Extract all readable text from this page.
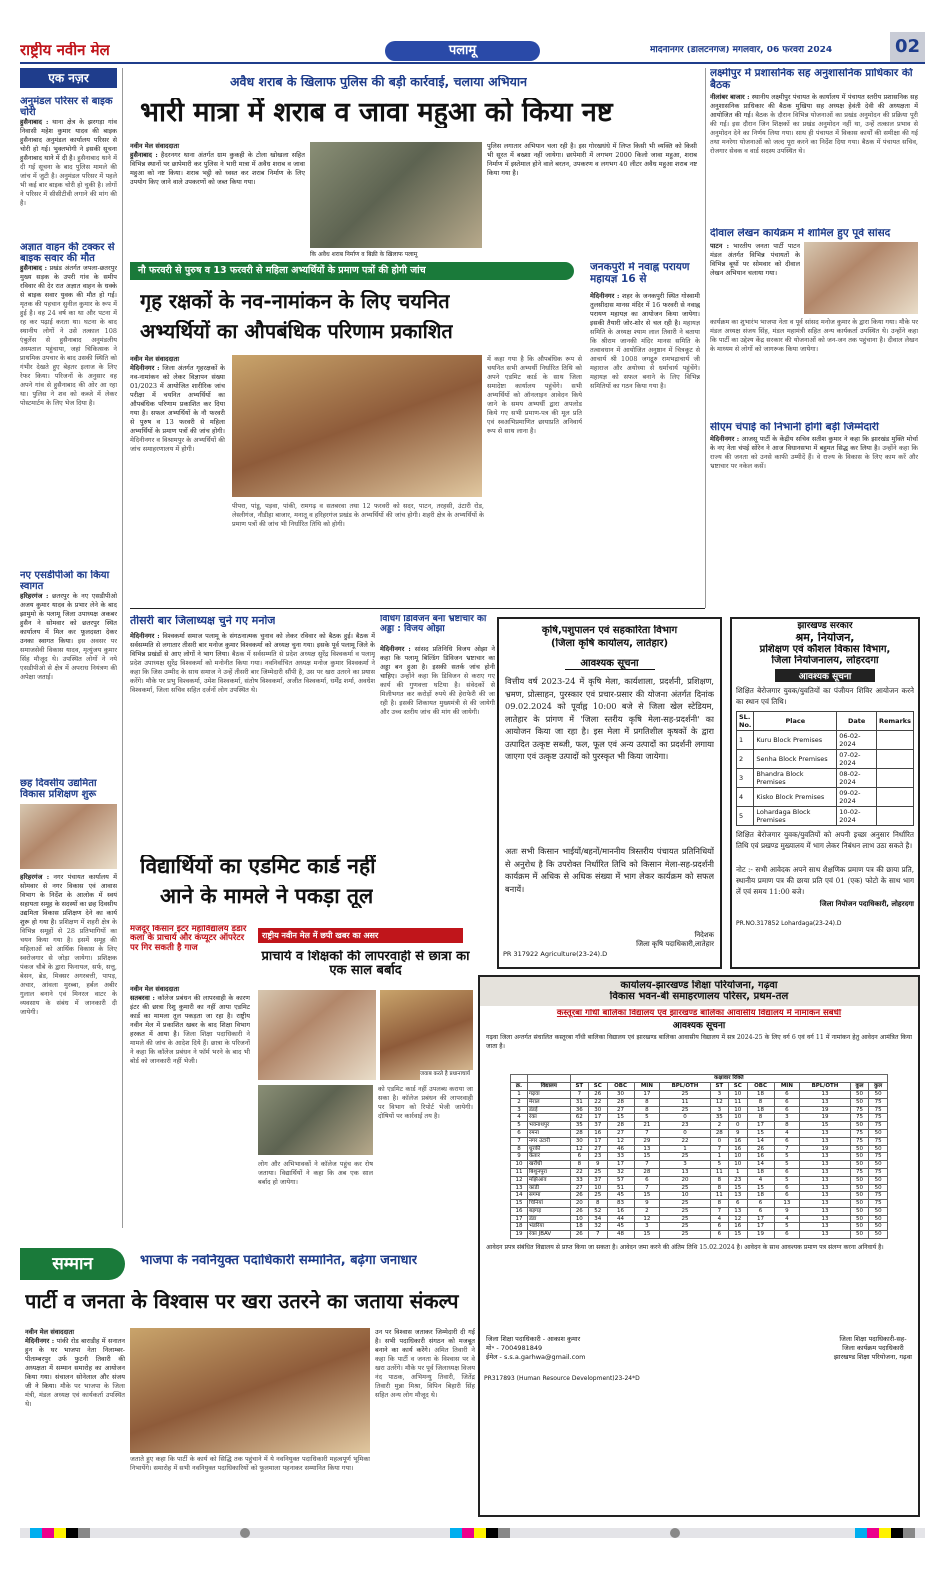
राष्ट्रीय नवीन मेल	पलामू	मेदिनीनगर (डालटनगंज) मंगलवार, 06 फरवरी 2024	02
एक नज़र
अनुमंडल परिसर से बाइक चोरी
हुसैनाबाद : थाना क्षेत्र के झरगड़ा गांव निवासी महेश कुमार यादव की बाइक हुसैनाबाद अनुमंडल कार्यालय परिसर से चोरी हो गई। भुक्तभोगी ने इसकी सूचना हुसैनाबाद थाने में दी है। हुसैनाबाद थाने में दी गई सूचना के बाद पुलिस मामले की जांच में जुटी है। अनुमंडल परिसर में पहले भी कई बार बाइक चोरी हो चुकी है। लोगों ने परिसर में सीसीटीवी लगाने की मांग की है।
अज्ञात वाहन की टक्कर से बाइक सवार की मौत
हुसैनाबाद : प्रखंड अंतर्गत जपला-छतरपुर मुख्य सड़क के उपरी गांव के समीप रविवार की देर रात अज्ञात वाहन के धक्के से बाइक सवार युवक की मौत हो गई। मृतक की पहचान सुनील कुमार के रूप में हुई है। वह 24 वर्ष का था और पटना में रह कर पढ़ाई करता था। घटना के बाद स्थानीय लोगों ने उसे तत्काल 108 एंबुलेंस से हुसैनाबाद अनुमंडलीय अस्पताल पहुंचाया, जहां चिकित्सक ने प्राथमिक उपचार के बाद उसकी स्थिति को गंभीर देखते हुए बेहतर इलाज के लिए रेफर किया। परिजनों के अनुसार वह अपने गांव से हुसैनाबाद की ओर आ रहा था। पुलिस ने शव को कब्जे में लेकर पोस्टमार्टम के लिए भेज दिया है।
नए एसडीपीओ का किया स्वागत
हरिहरगंज : छतरपुर के नए एसडीपीओ अजय कुमार यादव के प्रभार लेने के बाद झामुमो के पलामू जिला उपाध्यक्ष अकबर हुसैन ने सोमवार को छतरपुर स्थित कार्यालय में मिल कर फूलदस्ता देकर उनका स्वागत किया। इस अवसर पर समाजसेवी विकास यादव, मृत्युंजय कुमार सिंह मौजूद थे। उपस्थित लोगों ने नये एसडीपीओ से क्षेत्र में अपराध नियंत्रण की अपेक्षा जताई।
छह दिवसीय उद्यमिता विकास प्रशिक्षण शुरू
हरिहरगंज : नगर पंचायत कार्यालय में सोमवार से नगर विकास एवं आवास विभाग के निर्देश के आलोक में स्वयं सहायता समूह के सदस्यों का छह दिवसीय उद्यमिता विकास प्रशिक्षण देने का कार्य शुरू हो गया है। प्रशिक्षण में शहरी क्षेत्र के विभिन्न समूहों से 28 प्रतिभागियों का चयन किया गया है। इसमें समूह की महिलाओं को आर्थिक विकास के लिए स्वरोजगार से जोड़ा जायेगा। प्रशिक्षक पंकज चौबे के द्वारा फिनायल, सर्फ, सत्तु, बेसन, ब्रेड, मिक्सर अगरबत्ती, पापड़, अचार, आंवला मुरब्बा, हर्बल अबीर गुलाल बनाने एवं मिनरल वाटर के व्यवसाय के संबंध में जानकारी दी जायेगी।
अवैध शराब के खिलाफ पुलिस की बड़ी कार्रवाई, चलाया अभियान
भारी मात्रा में शराब व जावा महुआ को किया नष्ट
नवीन मेल संवाददाता
हुसैनाबाद : हैदरनगर थाना अंतर्गत ग्राम कुकही के टोला खोखला सहित विभिन्न स्थानों पर छापेमारी कर पुलिस ने भारी मात्रा में अवैध शराब व जावा महुआ को नष्ट किया। शराब भट्ठी को ध्वस्त कर शराब निर्माण के लिए उपयोग किए जाने वाले उपकरणों को जब्त किया गया।
कि अवैध शराब निर्माण व बिक्री के खिलाफ पलामू
पुलिस लगातार अभियान चला रही है। इस गोरखधंधे में लिप्त किसी भी व्यक्ति को किसी भी सूरत में बख्शा नहीं जायेगा। छापेमारी में लगभग 2000 किलो जावा महुआ, शराब निर्माण में इस्तेमाल होने वाले बरतन, उपकरण व लगभग 40 लीटर अवैध महुआ शराब नष्ट किया गया है।
नौ फरवरी से पुरुष व 13 फरवरी से महिला अभ्यर्थियों के प्रमाण पत्रों की होगी जांच
गृह रक्षकों के नव-नामांकन के लिए चयनित
अभ्यर्थियों का औपबंधिक परिणाम प्रकाशित
नवीन मेल संवाददाता
मेदिनीनगर : जिला अंतर्गत गृहरक्षकों के नव-नामांकन को लेकर विज्ञापन संख्या 01/2023 में आयोजित शारीरिक जांच परीक्षा में चयनित अभ्यर्थियों का औपबंधिक परिणाम प्रकाशित कर दिया गया है। सफल अभ्यर्थियों के नौ फरवरी से पुरुष व 13 फरवरी से महिला अभ्यर्थियों के प्रमाण पत्रों की जांच होगी। मेदिनीनगर व विश्रामपुर के अभ्यर्थियों की जांच समाहरणालय में होगी।
पीपरा, पांडू, पड़वा, पांकी, रामगढ़ व सतबरवा तथा 12 फरवरी को सदर, पाटन, तरहसी, उंटारी रोड, लेस्लीगंज, नौडीहा बाजार, मनातू व हरिहरगंज प्रखंड के अभ्यर्थियों की जांच होगी। शहरी क्षेत्र के अभ्यर्थियों के प्रमाण पत्रों की जांच भी निर्धारित तिथि को होगी।
में कहा गया है कि औपबंधिक रूप से चयनित सभी अभ्यर्थी निर्धारित तिथि को अपने एडमिट कार्ड के साथ जिला समादेष्टा कार्यालय पहुंचेंगे। सभी अभ्यर्थियों को ऑनलाइन आवेदन किये जाने के समय अभ्यर्थी द्वारा अपलोड किये गए सभी प्रमाण-पत्र की मूल प्रति एवं स्वअभिप्रमाणित छायाप्रति अनिवार्य रूप से साथ लाना है।
जनकपुरी में नवाह्न परायण महायज्ञ 16 से
मेदिनीनगर : शहर के जनकपुरी स्थित गोस्वामी तुलसीदास मानस मंदिर में 16 फरवरी से नवाह्न परायण महायज्ञ का आयोजन किया जायेगा। इसकी तैयारी जोर-शोर से चल रही है। महायज्ञ समिति के अध्यक्ष श्याम लाल तिवारी ने बताया कि श्रीराम जानकी मंदिर मानस समिति के तत्वावधान में आयोजित अनुष्ठान में चित्रकूट से आचार्य श्री 1008 जगद्गुरु रामभद्राचार्य जी महाराज और अयोध्या से धर्माचार्य पहुंचेंगे। महायज्ञ को सफल बनाने के लिए विभिन्न समितियों का गठन किया गया है।
तीसरी बार जिलाध्यक्ष चुने गए मनोज
मेदिनीनगर : विश्वकर्मा समाज पलामू के संगठनात्मक चुनाव को लेकर रविवार को बैठक हुई। बैठक में सर्वसम्मति से लगातार तीसरी बार मनोज कुमार विश्वकर्मा को अध्यक्ष चुना गया। इसके पूर्व पलामू जिले के विभिन्न प्रखंडों से आए लोगों ने भाग लिया। बैठक में सर्वसम्मति से प्रदेश अध्यक्ष सुरेंद्र विश्वकर्मा व पलामू प्रदेश उपाध्यक्ष सुरेंद्र विश्वकर्मा को मनोनीत किया गया। नवनिर्वाचित अध्यक्ष मनोज कुमार विश्वकर्मा ने कहा कि जिस उम्मीद के साथ समाज ने उन्हें तीसरी बार जिम्मेदारी सौंपी है, उस पर खरा उतरने का प्रयास करेंगे। मौके पर प्रभु विश्वकर्मा, उमेश विश्वकर्मा, संतोष विश्वकर्मा, अजीत विश्वकर्मा, धर्मेंद्र शर्मा, अवधेश विश्वकर्मा, जिला सचिव सहित दर्जनों लोग उपस्थित थे।
विधिंग डिविजन बना भ्रष्टाचार का अड्डा : विजय ओझा
मेदिनीनगर : सांसद प्रतिनिधि विजय ओझा ने कहा कि पलामू बिल्डिंग डिविजन भ्रष्टाचार का अड्डा बन हुआ है। इसकी सतर्क जांच होनी चाहिए। उन्होंने कहा कि डिविजन से कराए गए कार्य की गुणवत्ता घटिया है। संवेदकों से मिलीभगत कर करोड़ों रुपये की हेराफेरी की जा रही है। इसकी शिकायत मुख्यमंत्री से की जायेगी और उच्च स्तरीय जांच की मांग की जायेगी।
विद्यार्थियों का एडमिट कार्ड नहीं
आने के मामले ने पकड़ा तूल
मजदूर किसान इंटर महाविद्यालय डंडार कला के प्राचार्य और कंप्यूटर ऑपरेटर पर गिर सकती है गाज
राष्ट्रीय नवीन मेल में छपी खबर का असर
प्राचार्य व शिक्षकों की लापरवाही से छात्रा का एक साल बर्बाद
नवीन मेल संवाददाता
सतबरवा : कॉलेज प्रबंधन की लापरवाही के कारण इंटर की छात्रा रिशु कुमारी का नहीं आया एडमिट कार्ड का मामला तूल पकड़ता जा रहा है। राष्ट्रीय नवीन मेल में प्रकाशित खबर के बाद शिक्षा विभाग हरकत में आया है। जिला शिक्षा पदाधिकारी ने मामले की जांच के आदेश दिये हैं। छात्रा के परिजनों ने कहा कि कॉलेज प्रबंधन ने फॉर्म भरने के बाद भी बोर्ड को जानकारी नहीं भेजी।
जवाब करते है प्रधानाचार्य
लोग और अभिभावकों ने कॉलेज पहुंच कर रोष जताया। विद्यार्थियों ने कहा कि अब एक साल बर्बाद हो जायेगा।
को एडमिट कार्ड नहीं उपलब्ध कराया जा सका है। कॉलेज प्रबंधन की लापरवाही पर विभाग को रिपोर्ट भेजी जायेगी। दोषियों पर कार्रवाई तय है।
सम्मान	भाजपा के नवनियुक्त पदाधिकारी सम्मानित, बढ़ेगा जनाधार
पार्टी व जनता के विश्वास पर खरा उतरने का जताया संकल्प
नवीन मेल संवाददाता
मेदिनीनगर : पांकी रोड बाराडीह में सनातन हुन के घर भाजपा नेता निलाम्बर-पीताम्बरपुर उर्फ फुटनी तिवारी की अध्यक्षता में सम्मान समारोह का आयोजन किया गया। संचालन सोनेलाल और संजय जी ने किया। मौके पर भाजपा के जिला मंत्री, मंडल अध्यक्ष एवं कार्यकर्ता उपस्थित थे।
जताते हुए कहा कि पार्टी के कार्य को सिद्धि तक पहुंचाने में ये नवनियुक्त पदाधिकारी महत्वपूर्ण भूमिका निभायेंगे। समारोह में सभी नवनियुक्त पदाधिकारियों को फूलमाला पहनाकर सम्मानित किया गया।
उन पर विश्वास जताकर जिम्मेदारी दी गई है। सभी पदाधिकारी संगठन को मजबूत बनाने का कार्य करेंगे। अमित तिवारी ने कहा कि पार्टी व जनता के विश्वास पर वे खरा उतरेंगे। मौके पर पूर्व जिलाध्यक्ष विजय नंद पाठक, अभिमन्यु तिवारी, जितेंद्र तिवारी मुन्ना मिश्रा, विपिन बिहारी सिंह सहित अन्य लोग मौजूद थे।
लक्ष्मीपुर में प्रशासनिक सह अनुशासनिक प्राधिकार की बैठक
नीलांबर बाजार : स्थानीय लक्ष्मीपुर पंचायत के कार्यालय में पंचायत स्तरीय प्रशासनिक सह अनुशासनिक प्राधिकार की बैठक मुखिया सह अध्यक्ष हेवंती देवी की अध्यक्षता में आयोजित की गई। बैठक के दौरान विभिन्न योजनाओं का प्रखंड अनुमोदन की प्रक्रिया पूरी की गई। इस दौरान जिन शिक्षकों का प्रखंड अनुमोदन नहीं था, उन्हें तत्काल प्रभाव से अनुमोदन देने का निर्णय लिया गया। साथ ही पंचायत में विकास कार्यों की समीक्षा की गई तथा मनरेगा योजनाओं को जल्द पूरा करने का निर्देश दिया गया। बैठक में पंचायत सचिव, रोजगार सेवक व वार्ड सदस्य उपस्थित थे।
दीवाल लेखन कार्यक्रम में शामिल हुए पूर्व सांसद
पाटन : भारतीय जनता पार्टी पाटन मंडल अंतर्गत विभिन्न पंचायतों के विभिन्न बूथों पर सोमवार को दीवाल लेखन अभियान चलाया गया।
कार्यक्रम का शुभारंभ भाजपा नेता व पूर्व सांसद मनोज कुमार के द्वारा किया गया। मौके पर मंडल अध्यक्ष संजय सिंह, मंडल महामंत्री सहित अन्य कार्यकर्ता उपस्थित थे। उन्होंने कहा कि पार्टी का उद्देश्य केंद्र सरकार की योजनाओं को जन-जन तक पहुंचाना है। दीवाल लेखन के माध्यम से लोगों को जागरूक किया जायेगा।
सीएम चंपाई को निभानी होगी बड़ी जिम्मेदारी
मेदिनीनगर : आजसू पार्टी के केंद्रीय सचिव सतीश कुमार ने कहा कि झारखंड मुक्ति मोर्चा के नए नेता चंपई सोरेन ने आज विधानसभा में बहुमत सिद्ध कर लिया है। उन्होंने कहा कि राज्य की जनता को उनसे काफी उम्मीदें हैं। वे राज्य के विकास के लिए काम करें और भ्रष्टाचार पर नकेल कसें।
कृषि,पशुपालन एवं सहकारिता विभाग
(जिला कृषि कार्यालय, लातेहार)
आवश्यक सूचना
वित्तीय वर्ष 2023-24 में कृषि मेला, कार्यशाला, प्रदर्शनी, प्रशिक्षण, भ्रमण, प्रोत्साहन, पुरस्कार एवं प्रचार-प्रसार की योजना अंतर्गत दिनांक 09.02.2024 को पूर्वाह्न 10:00 बजे से जिला खेल स्टेडियम, लातेहार के प्रांगण में 'जिला स्तरीय कृषि मेला-सह-प्रदर्शनी' का आयोजन किया जा रहा है। इस मेला में प्रगतिशील कृषकों के द्वारा उत्पादित उत्कृष्ट सब्जी, फल, फूल एवं अन्य उत्पादों का प्रदर्शनी लगाया जाएगा एवं उत्कृष्ट उत्पादों को पुरस्कृत भी किया जायेगा।
अतः सभी किसान भाईयों/बहनों/माननीय त्रिस्तरीय पंचायत प्रतिनिधियों से अनुरोध है कि उपरोक्त निर्धारित तिथि को किसान मेला-सह-प्रदर्शनी कार्यक्रम में अधिक से अधिक संख्या में भाग लेकर कार्यक्रम को सफल बनायें।
निदेशक
जिला कृषि पदाधिकारी,लातेहार
PR 317922 Agriculture(23-24).D
झारखण्ड सरकार
श्रम, नियोजन,
प्रशिक्षण एवं कौशल विकास विभाग,
जिला नियोजनालय, लोहरदगा
आवश्यक सूचना
शिक्षित बेरोजगार युवक/युवतियों का पंजीयन शिविर आयोजन करने का स्थान एवं तिथि।
SL. No.	Place	Date	Remarks
1	Kuru Block Premises	06-02-2024	
2	Senha Block Premises	07-02-2024	
3	Bhandra Block Premises	08-02-2024	
4	Kisko Block Premises	09-02-2024	
5	Lohardaga Block Premises	10-02-2024	
शिक्षित बेरोजगार युवक/युवतियों को अपनी इच्छा अनुसार निर्धारित तिथि एवं प्रखण्ड मुख्यालय में भाग लेकर निबंधन लाभ उठा सकते है।
नोट :- सभी आवेदक अपने साथ शैक्षणिक प्रमाण पत्र की छाया प्रति, स्थानीय प्रमाण पत्र की छाया प्रति एवं 01 (एक) फोटो के साथ भाग लें एवं समय 11:00 बजे।
जिला नियोजन पदाधिकारी, लोहरदगा
PR.NO.317852 Lohardaga(23-24).D
कार्यालय-झारखण्ड शिक्षा परियोजना, गढ़वा
विकास भवन-बी समाहरणालय परिसर, प्रथम-तल
कस्तूरबा गाँधी बालिका विद्यालय एवं झारखण्ड बालिका आवासीय विद्यालय में नामांकन संबंधी
आवश्यक सूचना
गढ़वा जिला अन्तर्गत संचालित कस्तूरबा गाँधी बालिका विद्यालय एवं झारखण्ड बालिका आवासीय विद्यालय में सत्र 2024-25 के लिए वर्ग 6 एवं वर्ग 11 में नामांकन हेतु आवेदन आमंत्रित किया जाता है।
		कक्षावार रिक्ति											
क्र.	विद्यालय	ST	SC	OBC	MIN	BPL/OTH	ST	SC	OBC	MIN	BPL/OTH	कुल	कुल
1	गढ़वा	7	26	30	17	25	3	10	18	6	13	50	50
2	मेराल	31	22	28	8	11	12	11	8	6	13	50	75
3	डंडई	36	30	27	8	25	3	10	18	6	19	75	75
4	रंका	62	17	15	5	0	35	10	8	3	19	75	75
5	भवनाथपुर	35	37	28	21	23	2	0	17	8	15	50	75
6	रमना	28	16	27	7	0	28	9	15	4	13	75	50
7	नगर उंटारी	30	17	12	29	22	0	16	14	6	13	75	75
8	धुरकी	12	27	46	13	1	7	16	26	7	19	50	50
9	केतार	6	23	33	15	25	1	10	16	5	13	50	75
10	खरौंधी	8	9	17	7	3	5	10	14	5	13	50	50
11	बिशुनपुरा	22	25	32	28	13	11	1	18	6	13	75	75
12	मझिआंव	33	37	57	6	20	8	23	4	5	13	50	50
13	कांडी	27	10	51	7	25	8	15	15	6	13	50	50
14	सगमा	26	25	45	15	10	11	13	18	6	13	50	75
15	चिनियां	20	8	83	9	25	8	6	6	13	13	50	75
16	बड़गड़	26	52	16	2	25	7	13	6	9	13	50	50
17	डंडा	10	34	44	12	25	4	12	17	4	13	50	50
18	भंडरिया	18	32	45	3	25	6	16	17	5	13	50	50
19	रंका JBAV	26	7	48	15	25	6	15	19	6	13	50	50
आवेदन प्रपत्र संबंधित विद्यालय से प्राप्त किया जा सकता है। आवेदन जमा करने की अंतिम तिथि 15.02.2024 है। आवेदन के साथ आवश्यक प्रमाण पत्र संलग्न करना अनिवार्य है।
जिला शिक्षा पदाधिकारी - आकाश कुमार
मो॰ - 7004981849
ईमेल - s.s.a.garhwa@gmail.com
जिला शिक्षा पदाधिकारी-सह-
जिला कार्यक्रम पदाधिकारी
झारखण्ड शिक्षा परियोजना, गढ़वा
PR317893 (Human Resource Development)23-24*D
